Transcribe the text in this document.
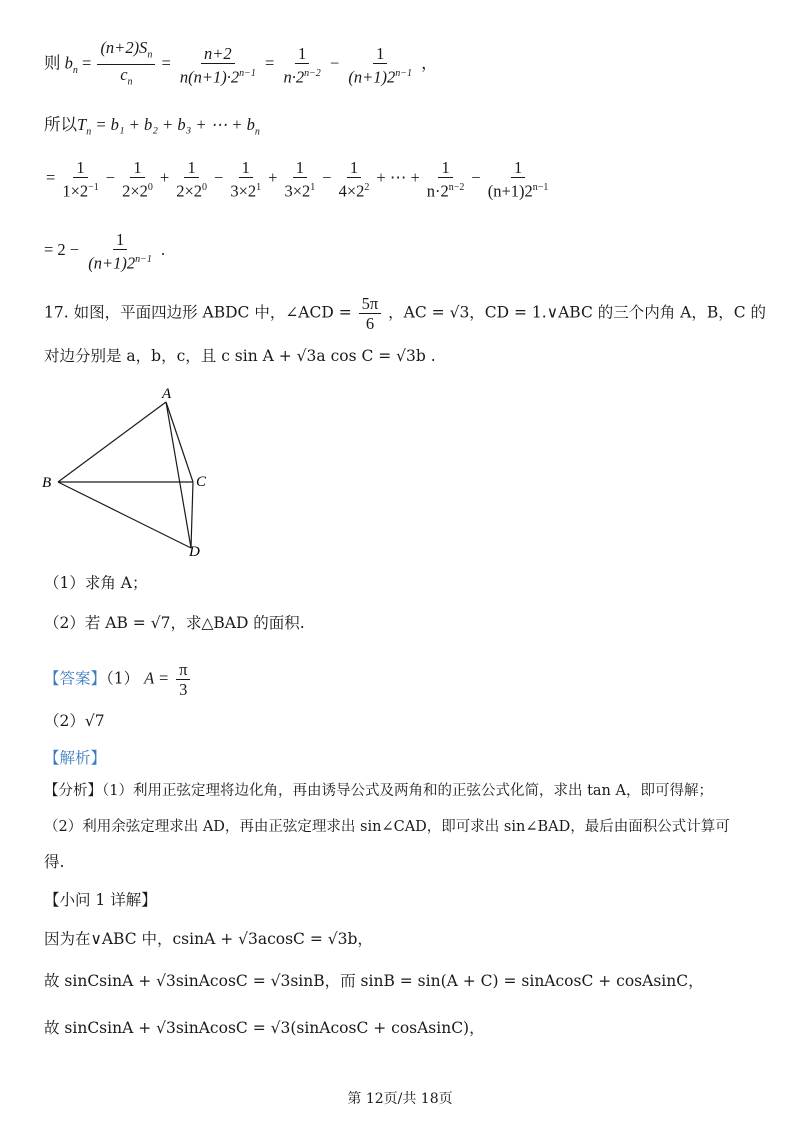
则 $b_n = \frac{(n+2)S_n}{c_n} = \frac{n+2}{n(n+1)\cdot 2^{n-1}} = \frac{1}{n\cdot 2^{n-2}} - \frac{1}{(n+1)2^{n-1}}$ ，
所以$T_n = b_1 + b_2 + b_3$ + ⋯ + $b_n$
= $\frac{1}{1\times 2^{-1}} - \frac{1}{2\times 2^0} + \frac{1}{2\times 2^0} - \frac{1}{3\times 2^1} + \frac{1}{3\times 2^1} - \frac{1}{4\times 2^2}$ + ⋯ + $\frac{1}{n\cdot 2^{n-2}} - \frac{1}{(n+1)2^{n-1}}$
= $2 - \frac{1}{(n+1)2^{n-1}}$ .
17. 如图，平面四边形 ABDC 中，∠ACD = $\frac{5\pi}{6}$ ，AC = √3，CD = 1.∨ABC 的三个内角 A，B，C 的
对边分别是 a，b，c，且 c sin A + √3a cos C = √3b .
A
B	C
D
（1）求角 A；
（2）若 AB = √7，求△BAD 的面积.
【答案】（1） $A = \frac{\pi}{3}$
（2）√7
【解析】
【分析】（1）利用正弦定理将边化角，再由诱导公式及两角和的正弦公式化简，求出 tan A，即可得解；
（2）利用余弦定理求出 AD，再由正弦定理求出 sin∠CAD，即可求出 sin∠BAD，最后由面积公式计算可
得.
【小问 1 详解】
因为在∨ABC 中，csinA + √3acosC = √3b，
故 sinCsinA + √3sinAcosC = √3sinB，而 sinB = sin(A + C) = sinAcosC + cosAsinC，
故 sinCsinA + √3sinAcosC = √3(sinAcosC + cosAsinC)，
第 12页/共 18页
